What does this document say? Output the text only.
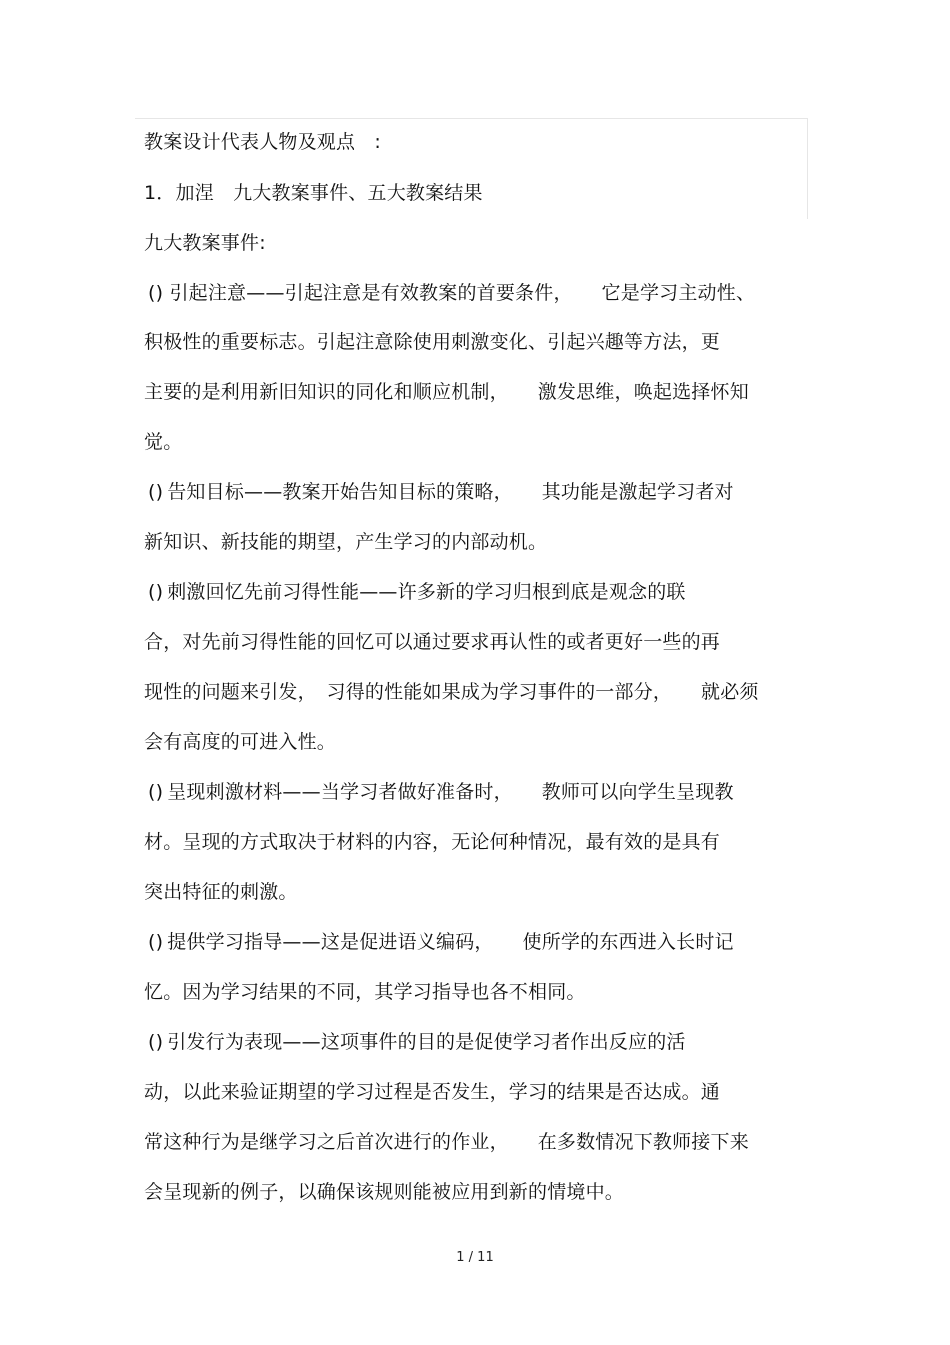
教案设计代表人物及观点　:
1．加涅　九大教案事件、五大教案结果
九大教案事件:
 () 引起注意——引起注意是有效教案的首要条件，　　它是学习主动性、
积极性的重要标志。引起注意除使用刺激变化、引起兴趣等方法，更
主要的是利用新旧知识的同化和顺应机制，　　激发思维，唤起选择怀知
觉。
 () 告知目标——教案开始告知目标的策略，　　其功能是激起学习者对
新知识、新技能的期望，产生学习的内部动机。
 () 刺激回忆先前习得性能——许多新的学习归根到底是观念的联
合，对先前习得性能的回忆可以通过要求再认性的或者更好一些的再
现性的问题来引发，　习得的性能如果成为学习事件的一部分，　　就必须
会有高度的可进入性。
 () 呈现刺激材料——当学习者做好准备时，　　教师可以向学生呈现教
材。呈现的方式取决于材料的内容，无论何种情况，最有效的是具有
突出特征的刺激。
 () 提供学习指导——这是促进语义编码，　　使所学的东西进入长时记
忆。因为学习结果的不同，其学习指导也各不相同。
 () 引发行为表现——这项事件的目的是促使学习者作出反应的活
动，以此来验证期望的学习过程是否发生，学习的结果是否达成。通
常这种行为是继学习之后首次进行的作业，　　在多数情况下教师接下来
会呈现新的例子，以确保该规则能被应用到新的情境中。
1 / 11
